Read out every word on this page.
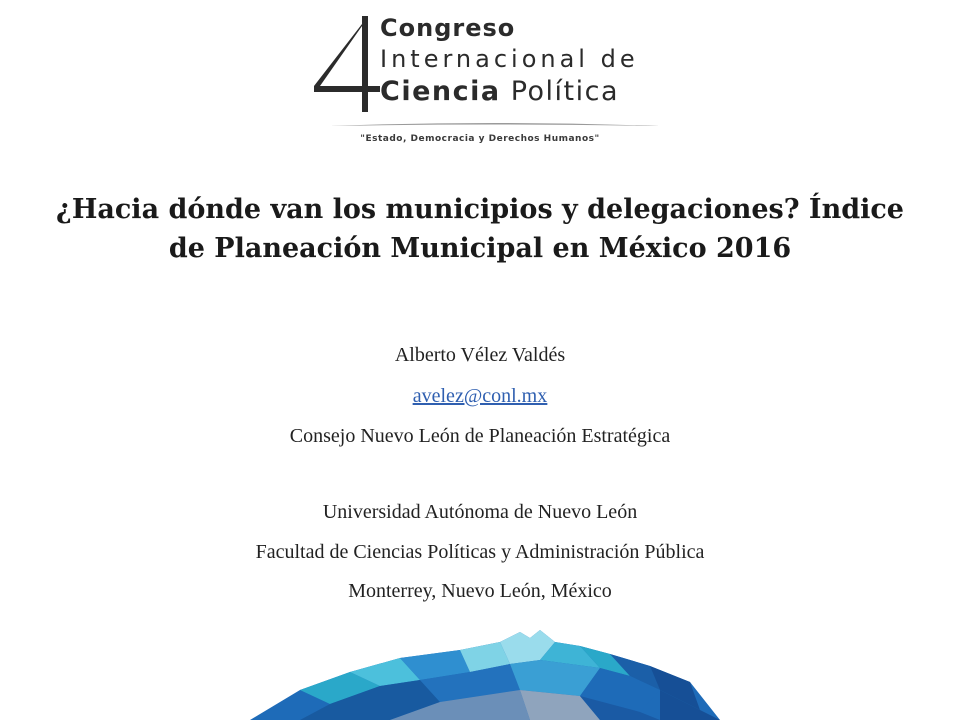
Congreso
Internacional de
Ciencia Política
"Estado, Democracia y Derechos Humanos"
¿Hacia dónde van los municipios y delegaciones? Índice
de Planeación Municipal en México 2016
Alberto Vélez Valdés
avelez@conl.mx
Consejo Nuevo León de Planeación Estratégica
Universidad Autónoma de Nuevo León
Facultad de Ciencias Políticas y Administración Pública
Monterrey, Nuevo León, México
